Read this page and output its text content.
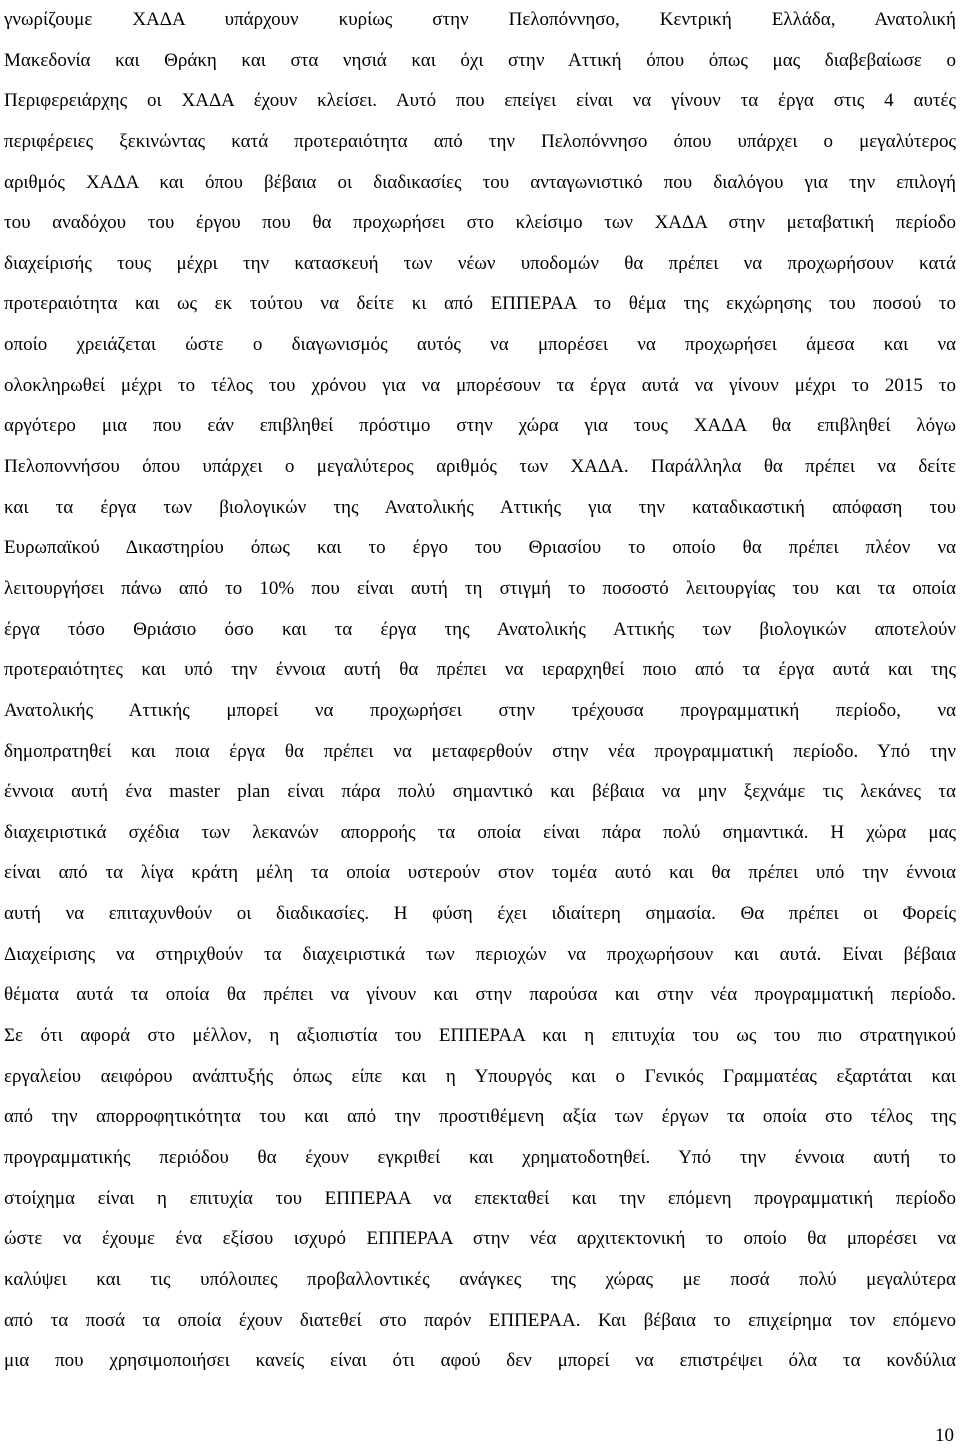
γνωρίζουμε ΧΑΔΑ υπάρχουν κυρίως στην Πελοπόννησο, Κεντρική Ελλάδα, Ανατολική
Μακεδονία και Θράκη και στα νησιά και όχι στην Αττική όπου όπως μας διαβεβαίωσε ο
Περιφερειάρχης οι ΧΑΔΑ έχουν κλείσει. Αυτό που επείγει είναι να γίνουν τα έργα στις 4 αυτές
περιφέρειες ξεκινώντας κατά προτεραιότητα από την Πελοπόννησο όπου υπάρχει ο μεγαλύτερος
αριθμός ΧΑΔΑ και όπου βέβαια οι διαδικασίες του ανταγωνιστικό που διαλόγου για την επιλογή
του αναδόχου του έργου που θα προχωρήσει στο κλείσιμο των ΧΑΔΑ στην μεταβατική περίοδο
διαχείρισής τους μέχρι την κατασκευή των νέων υποδομών θα πρέπει να προχωρήσουν κατά
προτεραιότητα και ως εκ τούτου να δείτε κι από ΕΠΠΕΡΑΑ το θέμα της εκχώρησης του ποσού το
οποίο χρειάζεται ώστε ο διαγωνισμός αυτός να μπορέσει να προχωρήσει άμεσα και να
ολοκληρωθεί μέχρι το τέλος του χρόνου για να μπορέσουν τα έργα αυτά να γίνουν μέχρι το 2015 το
αργότερο μια που εάν επιβληθεί πρόστιμο στην χώρα για τους ΧΑΔΑ θα επιβληθεί λόγω
Πελοποννήσου όπου υπάρχει ο μεγαλύτερος αριθμός των ΧΑΔΑ. Παράλληλα θα πρέπει να δείτε
και τα έργα των βιολογικών της Ανατολικής Αττικής για την καταδικαστική απόφαση του
Ευρωπαϊκού Δικαστηρίου όπως και το έργο του Θριασίου το οποίο θα πρέπει πλέον να
λειτουργήσει πάνω από το 10% που είναι αυτή τη στιγμή το ποσοστό λειτουργίας του και τα οποία
έργα τόσο Θριάσιο όσο και τα έργα της Ανατολικής Αττικής των βιολογικών αποτελούν
προτεραιότητες και υπό την έννοια αυτή θα πρέπει να ιεραρχηθεί ποιο από τα έργα αυτά και της
Ανατολικής Αττικής μπορεί να προχωρήσει στην τρέχουσα προγραμματική περίοδο, να
δημοπρατηθεί και ποια έργα θα πρέπει να μεταφερθούν στην νέα προγραμματική περίοδο. Υπό την
έννοια αυτή ένα master plan είναι πάρα πολύ σημαντικό και βέβαια να μην ξεχνάμε τις λεκάνες τα
διαχειριστικά σχέδια των λεκανών απορροής τα οποία είναι πάρα πολύ σημαντικά. Η χώρα μας
είναι από τα λίγα κράτη μέλη τα οποία υστερούν στον τομέα αυτό και θα πρέπει υπό την έννοια
αυτή να επιταχυνθούν οι διαδικασίες. Η φύση έχει ιδιαίτερη σημασία. Θα πρέπει οι Φορείς
Διαχείρισης να στηριχθούν τα διαχειριστικά των περιοχών να προχωρήσουν και αυτά. Είναι βέβαια
θέματα αυτά τα οποία θα πρέπει να γίνουν και στην παρούσα και στην νέα προγραμματική περίοδο.
Σε ότι αφορά στο μέλλον, η αξιοπιστία του ΕΠΠΕΡΑΑ και η επιτυχία του ως του πιο στρατηγικού
εργαλείου αειφόρου ανάπτυξής όπως είπε και η Υπουργός και ο Γενικός Γραμματέας εξαρτάται και
από την απορροφητικότητα του και από την προστιθέμενη αξία των έργων τα οποία στο τέλος της
προγραμματικής περιόδου θα έχουν εγκριθεί και χρηματοδοτηθεί. Υπό την έννοια αυτή το
στοίχημα είναι η επιτυχία του ΕΠΠΕΡΑΑ να επεκταθεί και την επόμενη προγραμματική περίοδο
ώστε να έχουμε ένα εξίσου ισχυρό ΕΠΠΕΡΑΑ στην νέα αρχιτεκτονική το οποίο θα μπορέσει να
καλύψει και τις υπόλοιπες προβαλλοντικές ανάγκες της χώρας με ποσά πολύ μεγαλύτερα
από τα ποσά τα οποία έχουν διατεθεί στο παρόν ΕΠΠΕΡΑΑ. Και βέβαια το επιχείρημα τον επόμενο
μια που χρησιμοποιήσει κανείς είναι ότι αφού δεν μπορεί να επιστρέψει όλα τα κονδύλια
10
